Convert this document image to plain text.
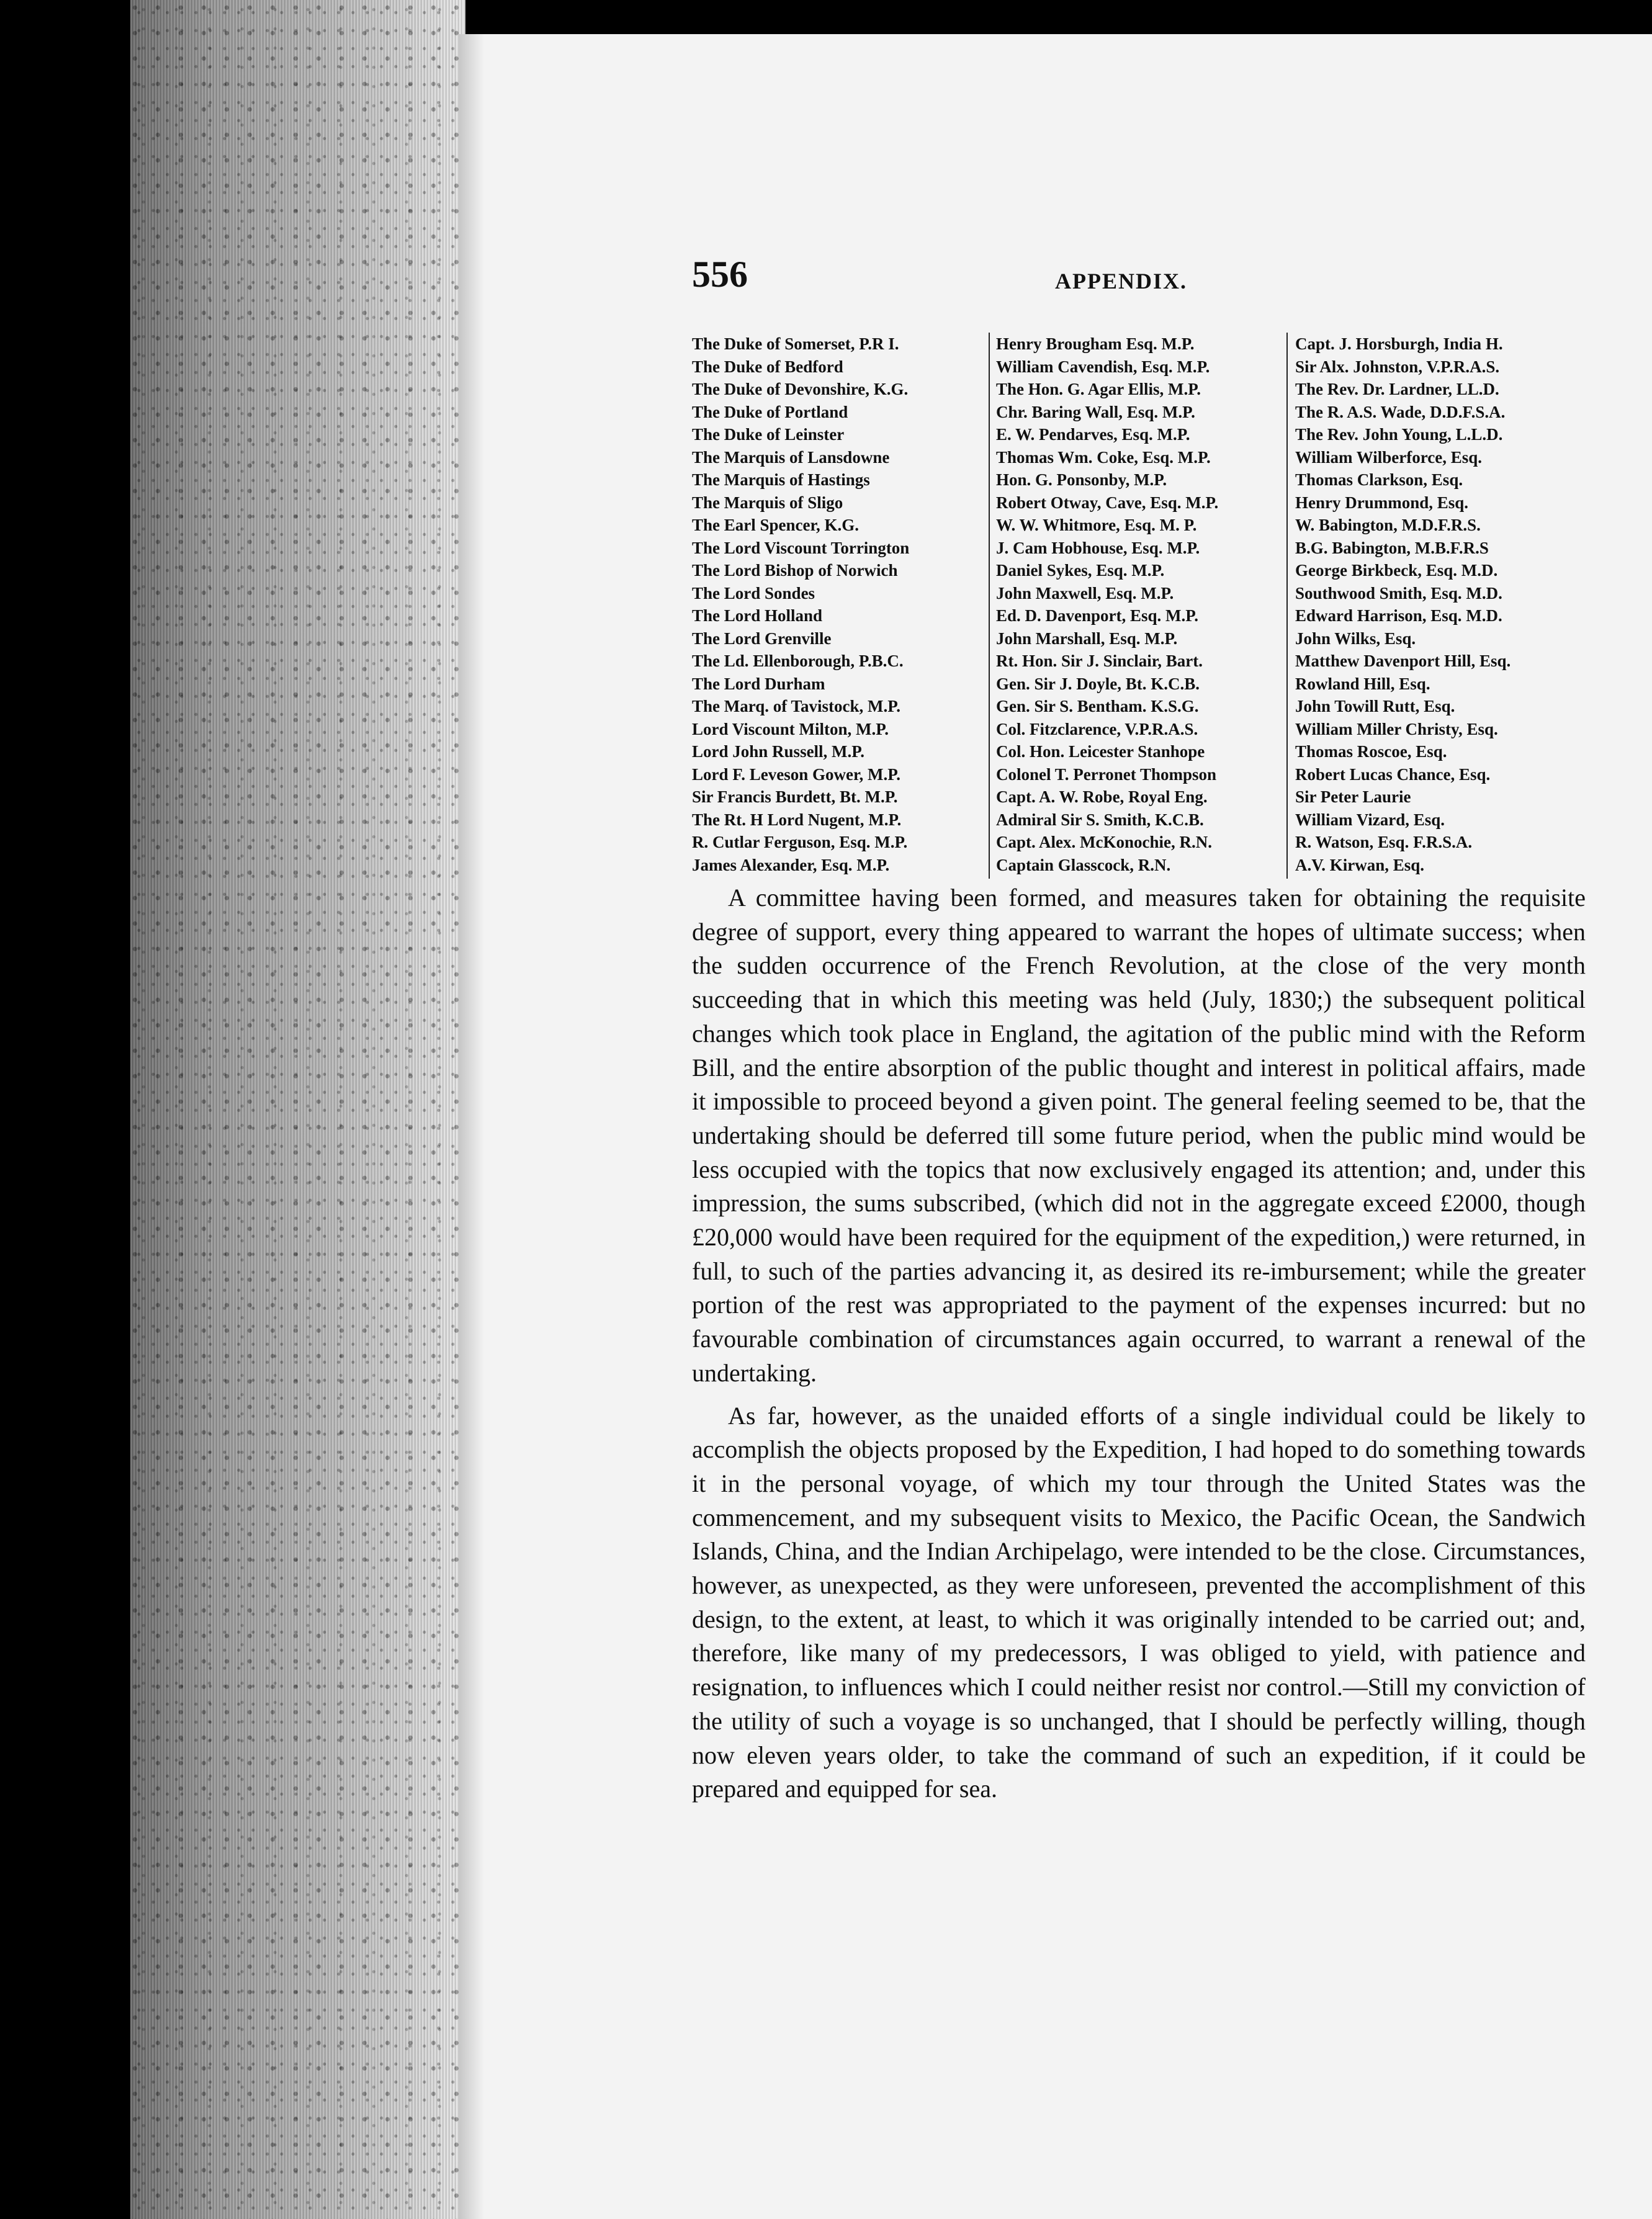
556	APPENDIX.
The Duke of Somerset, P.R I.
The Duke of Bedford
The Duke of Devonshire, K.G.
The Duke of Portland
The Duke of Leinster
The Marquis of Lansdowne
The Marquis of Hastings
The Marquis of Sligo
The Earl Spencer, K.G.
The Lord Viscount Torrington
The Lord Bishop of Norwich
The Lord Sondes
The Lord Holland
The Lord Grenville
The Ld. Ellenborough, P.B.C.
The Lord Durham
The Marq. of Tavistock, M.P.
Lord Viscount Milton, M.P.
Lord John Russell, M.P.
Lord F. Leveson Gower, M.P.
Sir Francis Burdett, Bt. M.P.
The Rt. H Lord Nugent, M.P.
R. Cutlar Ferguson, Esq. M.P.
James Alexander, Esq. M.P.
Henry Brougham Esq. M.P.
William Cavendish, Esq. M.P.
The Hon. G. Agar Ellis, M.P.
Chr. Baring Wall, Esq. M.P.
E. W. Pendarves, Esq. M.P.
Thomas Wm. Coke, Esq. M.P.
Hon. G. Ponsonby, M.P.
Robert Otway, Cave, Esq. M.P.
W. W. Whitmore, Esq. M. P.
J. Cam Hobhouse, Esq. M.P.
Daniel Sykes, Esq. M.P.
John Maxwell, Esq. M.P.
Ed. D. Davenport, Esq. M.P.
John Marshall, Esq. M.P.
Rt. Hon. Sir J. Sinclair, Bart.
Gen. Sir J. Doyle, Bt. K.C.B.
Gen. Sir S. Bentham. K.S.G.
Col. Fitzclarence, V.P.R.A.S.
Col. Hon. Leicester Stanhope
Colonel T. Perronet Thompson
Capt. A. W. Robe, Royal Eng.
Admiral Sir S. Smith, K.C.B.
Capt. Alex. McKonochie, R.N.
Captain Glasscock, R.N.
Capt. J. Horsburgh, India H.
Sir Alx. Johnston, V.P.R.A.S.
The Rev. Dr. Lardner, LL.D.
The R. A.S. Wade, D.D.F.S.A.
The Rev. John Young, L.L.D.
William Wilberforce, Esq.
Thomas Clarkson, Esq.
Henry Drummond, Esq.
W. Babington, M.D.F.R.S.
B.G. Babington, M.B.F.R.S
George Birkbeck, Esq. M.D.
Southwood Smith, Esq. M.D.
Edward Harrison, Esq. M.D.
John Wilks, Esq.
Matthew Davenport Hill, Esq.
Rowland Hill, Esq.
John Towill Rutt, Esq.
William Miller Christy, Esq.
Thomas Roscoe, Esq.
Robert Lucas Chance, Esq.
Sir Peter Laurie
William Vizard, Esq.
R. Watson, Esq. F.R.S.A.
A.V. Kirwan, Esq.

A committee having been formed, and measures taken for obtaining the requisite degree of support, every thing appeared to warrant the hopes of ultimate success; when the sudden occurrence of the French Revolution, at the close of the very month succeeding that in which this meeting was held (July, 1830;) the subsequent political changes which took place in England, the agitation of the public mind with the Reform Bill, and the entire absorption of the public thought and interest in political affairs, made it impossible to proceed beyond a given point. The general feeling seemed to be, that the undertaking should be deferred till some future period, when the public mind would be less occupied with the topics that now exclusively engaged its attention; and, under this impression, the sums subscribed, (which did not in the aggregate exceed £2000, though £20,000 would have been required for the equipment of the expedition,) were returned, in full, to such of the parties advancing it, as desired its re-imbursement; while the greater portion of the rest was appropriated to the payment of the expenses incurred: but no favourable combination of circumstances again occurred, to warrant a renewal of the undertaking.

As far, however, as the unaided efforts of a single individual could be likely to accomplish the objects proposed by the Expedition, I had hoped to do something towards it in the personal voyage, of which my tour through the United States was the commencement, and my subsequent visits to Mexico, the Pacific Ocean, the Sandwich Islands, China, and the Indian Archipelago, were intended to be the close. Circumstances, however, as unexpected, as they were unforeseen, prevented the accomplishment of this design, to the extent, at least, to which it was originally intended to be carried out; and, therefore, like many of my predecessors, I was obliged to yield, with patience and resignation, to influences which I could neither resist nor control.—Still my conviction of the utility of such a voyage is so unchanged, that I should be perfectly willing, though now eleven years older, to take the command of such an expedition, if it could be prepared and equipped for sea.
